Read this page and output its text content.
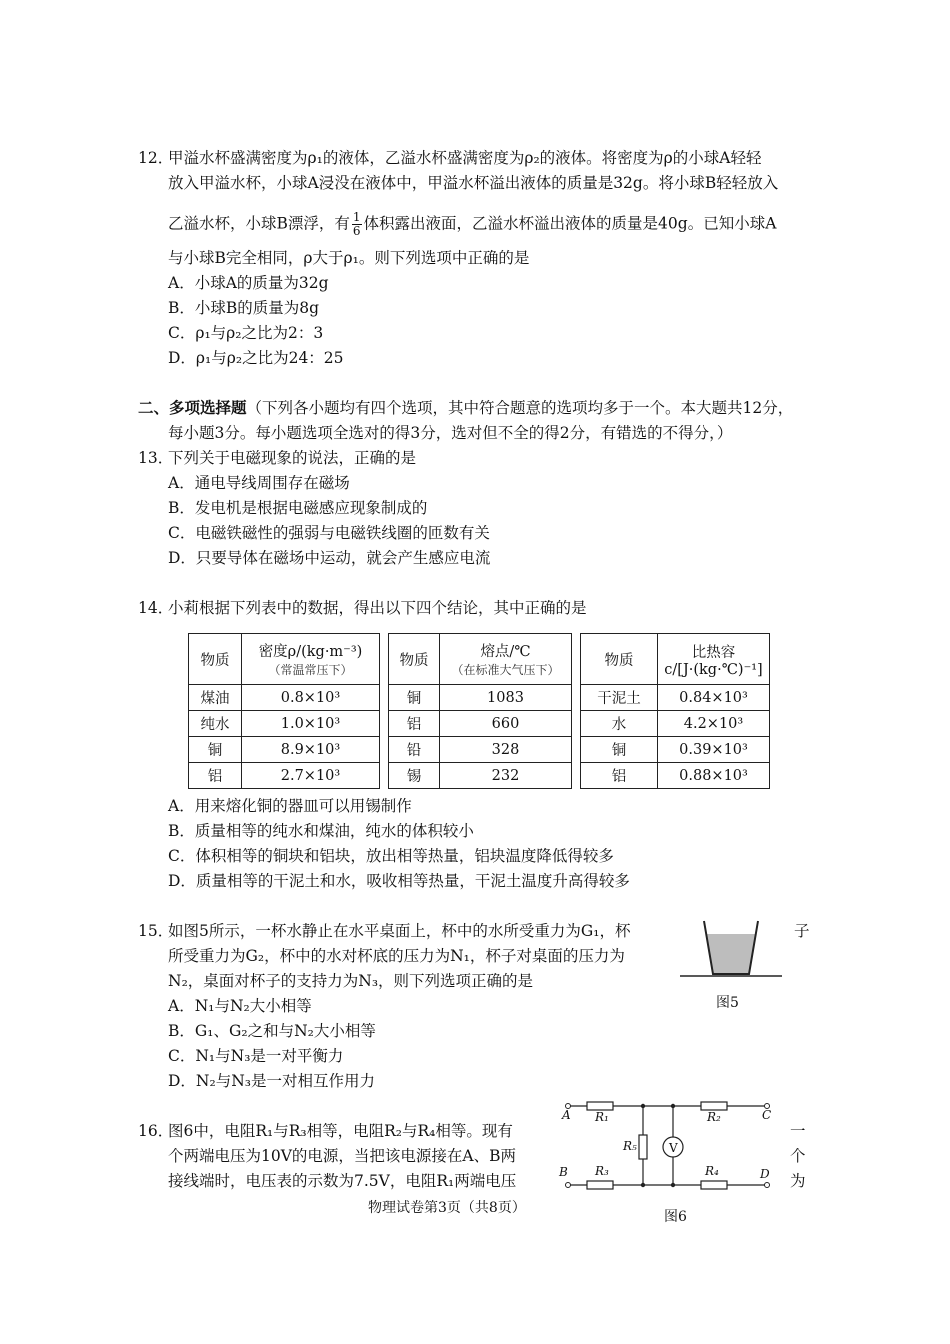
12．
甲溢水杯盛满密度为ρ₁的液体，乙溢水杯盛满密度为ρ₂的液体。将密度为ρ的小球A轻轻
放入甲溢水杯，小球A浸没在液体中，甲溢水杯溢出液体的质量是32g。将小球B轻轻放入
乙溢水杯，小球B漂浮，有 $\frac{1}{6}$ 体积露出液面，乙溢水杯溢出液体的质量是40g。已知小球A
与小球B完全相同，ρ大于ρ₁。则下列选项中正确的是
A．小球A的质量为32g
B．小球B的质量为8g
C．ρ₁与ρ₂之比为2：3
D．ρ₁与ρ₂之比为24：25
二、多项选择题（下列各小题均有四个选项，其中符合题意的选项均多于一个。本大题共12分，
每小题3分。每小题选项全选对的得3分，选对但不全的得2分，有错选的不得分，）
13．
下列关于电磁现象的说法，正确的是
A．通电导线周围存在磁场
B．发电机是根据电磁感应现象制成的
C．电磁铁磁性的强弱与电磁铁线圈的匝数有关
D．只要导体在磁场中运动，就会产生感应电流
14．
小莉根据下列表中的数据，得出以下四个结论，其中正确的是
物质	密度ρ/(kg·m⁻³)
（常温常压下）

煤油	0.8×10³
纯水	1.0×10³
铜	8.9×10³
铝	2.7×10³
物质	熔点/℃
（在标准大气压下）

铜	1083
铝	660
铅	328
锡	232
物质	比热容
c/[J·(kg·℃)⁻¹]

干泥土	0.84×10³
水	4.2×10³
铜	0.39×10³
铝	0.88×10³
A．用来熔化铜的器皿可以用锡制作
B．质量相等的纯水和煤油，纯水的体积较小
C．体积相等的铜块和铝块，放出相等热量，铝块温度降低得较多
D．质量相等的干泥土和水，吸收相等热量，干泥土温度升高得较多
15．
如图5所示，一杯水静止在水平桌面上，杯中的水所受重力为G₁，杯	子
所受重力为G₂，杯中的水对杯底的压力为N₁，杯子对桌面的压力为
N₂，桌面对杯子的支持力为N₃，则下列选项正确的是
A．N₁与N₂大小相等
B．G₁、G₂之和与N₂大小相等
C．N₁与N₃是一对平衡力
D．N₂与N₃是一对相互作用力
图5
16．
图6中，电阻R₁与R₃相等，电阻R₂与R₄相等。现有
个两端电压为10V的电源，当把该电源接在A、B两
接线端时，电压表的示数为7.5V，电阻R₁两端电压
一
个
为
A
B
C
D
R₁	R₂
R₃	R₄
R₅	V
图6
物理试卷第3页（共8页）
